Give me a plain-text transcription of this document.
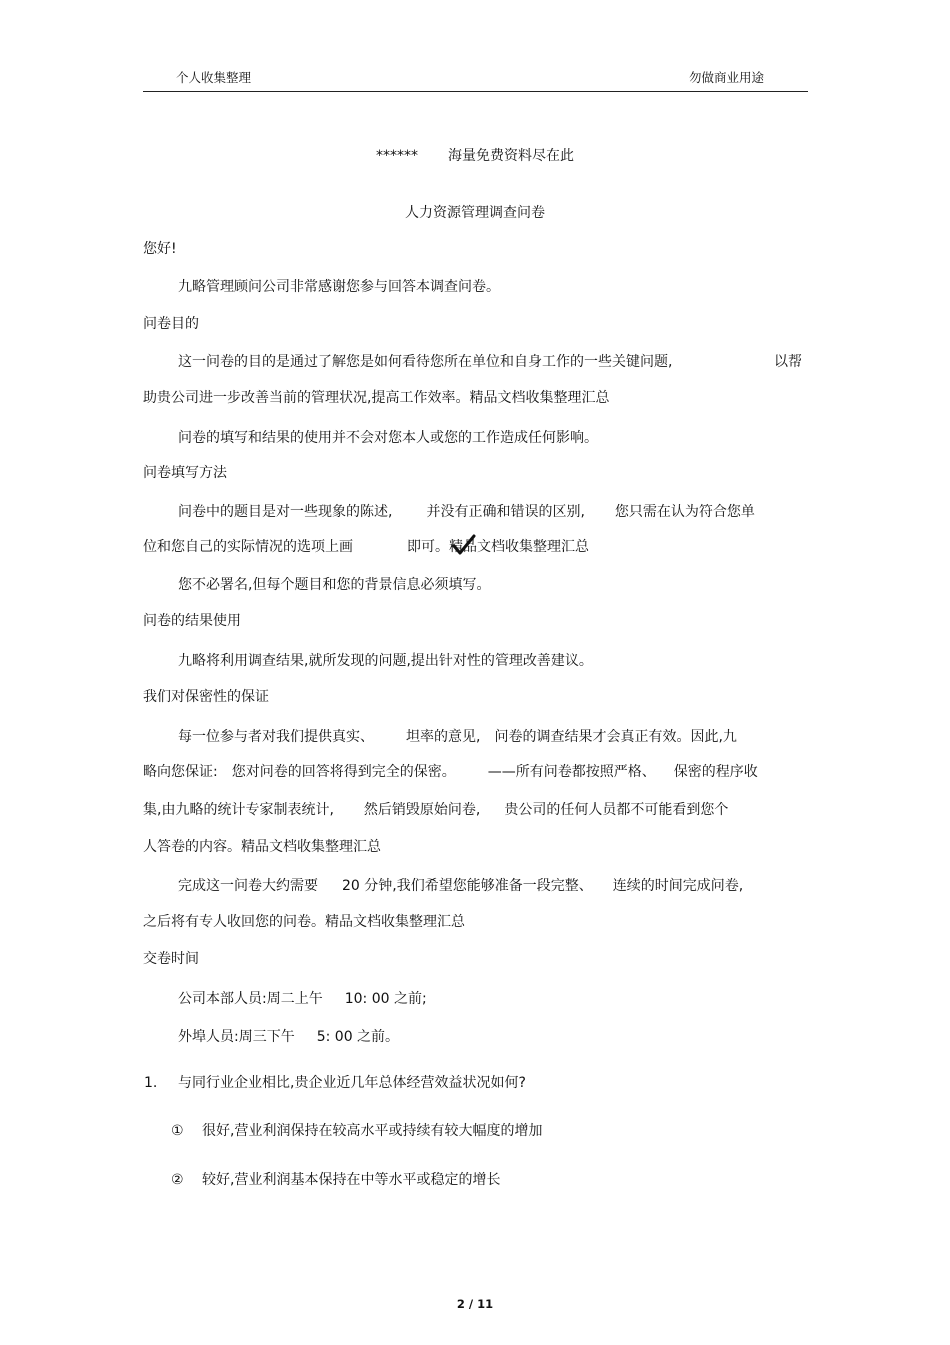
个人收集整理	勿做商业用途
****** 海量免费资料尽在此
人力资源管理调查问卷
您好!
九略管理顾问公司非常感谢您参与回答本调查问卷。
问卷目的
这一问卷的目的是通过了解您是如何看待您所在单位和自身工作的一些关键问题,	以帮
助贵公司进一步改善当前的管理状况,提高工作效率。精品文档收集整理汇总
问卷的填写和结果的使用并不会对您本人或您的工作造成任何影响。
问卷填写方法
问卷中的题目是对一些现象的陈述, 并没有正确和错误的区别, 您只需在认为符合您单
位和您自己的实际情况的选项上画	即可。精品文档收集整理汇总
您不必署名,但每个题目和您的背景信息必须填写。
问卷的结果使用
九略将利用调查结果,就所发现的问题,提出针对性的管理改善建议。
我们对保密性的保证
每一位参与者对我们提供真实、 坦率的意见, 问卷的调查结果才会真正有效。因此,九
略向您保证: 您对问卷的回答将得到完全的保密。 ——所有问卷都按照严格、 保密的程序收
集,由九略的统计专家制表统计, 然后销毁原始问卷, 贵公司的任何人员都不可能看到您个
人答卷的内容。精品文档收集整理汇总
完成这一问卷大约需要 20 分钟,我们希望您能够准备一段完整、 连续的时间完成问卷,
之后将有专人收回您的问卷。精品文档收集整理汇总
交卷时间
公司本部人员:周二上午 10: 00 之前;
外埠人员:周三下午 5: 00 之前。
1. 与同行业企业相比,贵企业近几年总体经营效益状况如何?
① 很好,营业利润保持在较高水平或持续有较大幅度的增加
② 较好,营业利润基本保持在中等水平或稳定的增长
2 / 11
